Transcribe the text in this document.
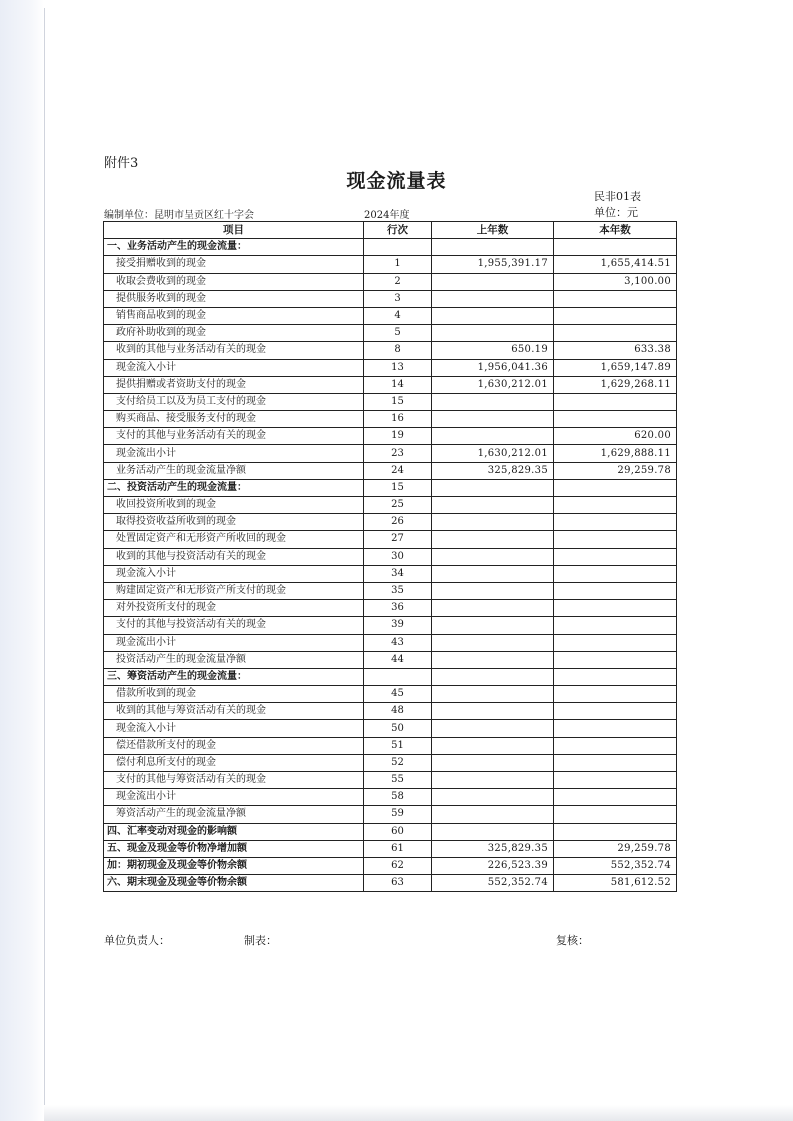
附件3
现金流量表
民非01表
编制单位：昆明市呈贡区红十字会	2024年度	单位：元
项目	行次	上年数	本年数
一、业务活动产生的现金流量：			
接受捐赠收到的现金	1	1,955,391.17	1,655,414.51
收取会费收到的现金	2		3,100.00
提供服务收到的现金	3		
销售商品收到的现金	4		
政府补助收到的现金	5		
收到的其他与业务活动有关的现金	8	650.19	633.38
现金流入小计	13	1,956,041.36	1,659,147.89
提供捐赠或者资助支付的现金	14	1,630,212.01	1,629,268.11
支付给员工以及为员工支付的现金	15		
购买商品、接受服务支付的现金	16		
支付的其他与业务活动有关的现金	19		620.00
现金流出小计	23	1,630,212.01	1,629,888.11
业务活动产生的现金流量净额	24	325,829.35	29,259.78
二、投资活动产生的现金流量：	15		
收回投资所收到的现金	25		
取得投资收益所收到的现金	26		
处置固定资产和无形资产所收回的现金	27		
收到的其他与投资活动有关的现金	30		
现金流入小计	34		
购建固定资产和无形资产所支付的现金	35		
对外投资所支付的现金	36		
支付的其他与投资活动有关的现金	39		
现金流出小计	43		
投资活动产生的现金流量净额	44		
三、筹资活动产生的现金流量：			
借款所收到的现金	45		
收到的其他与筹资活动有关的现金	48		
现金流入小计	50		
偿还借款所支付的现金	51		
偿付利息所支付的现金	52		
支付的其他与筹资活动有关的现金	55		
现金流出小计	58		
筹资活动产生的现金流量净额	59		
四、汇率变动对现金的影响额	60		
五、现金及现金等价物净增加额	61	325,829.35	29,259.78
加：期初现金及现金等价物余额	62	226,523.39	552,352.74
六、期末现金及现金等价物余额	63	552,352.74	581,612.52
单位负责人：	制表：	复核：
